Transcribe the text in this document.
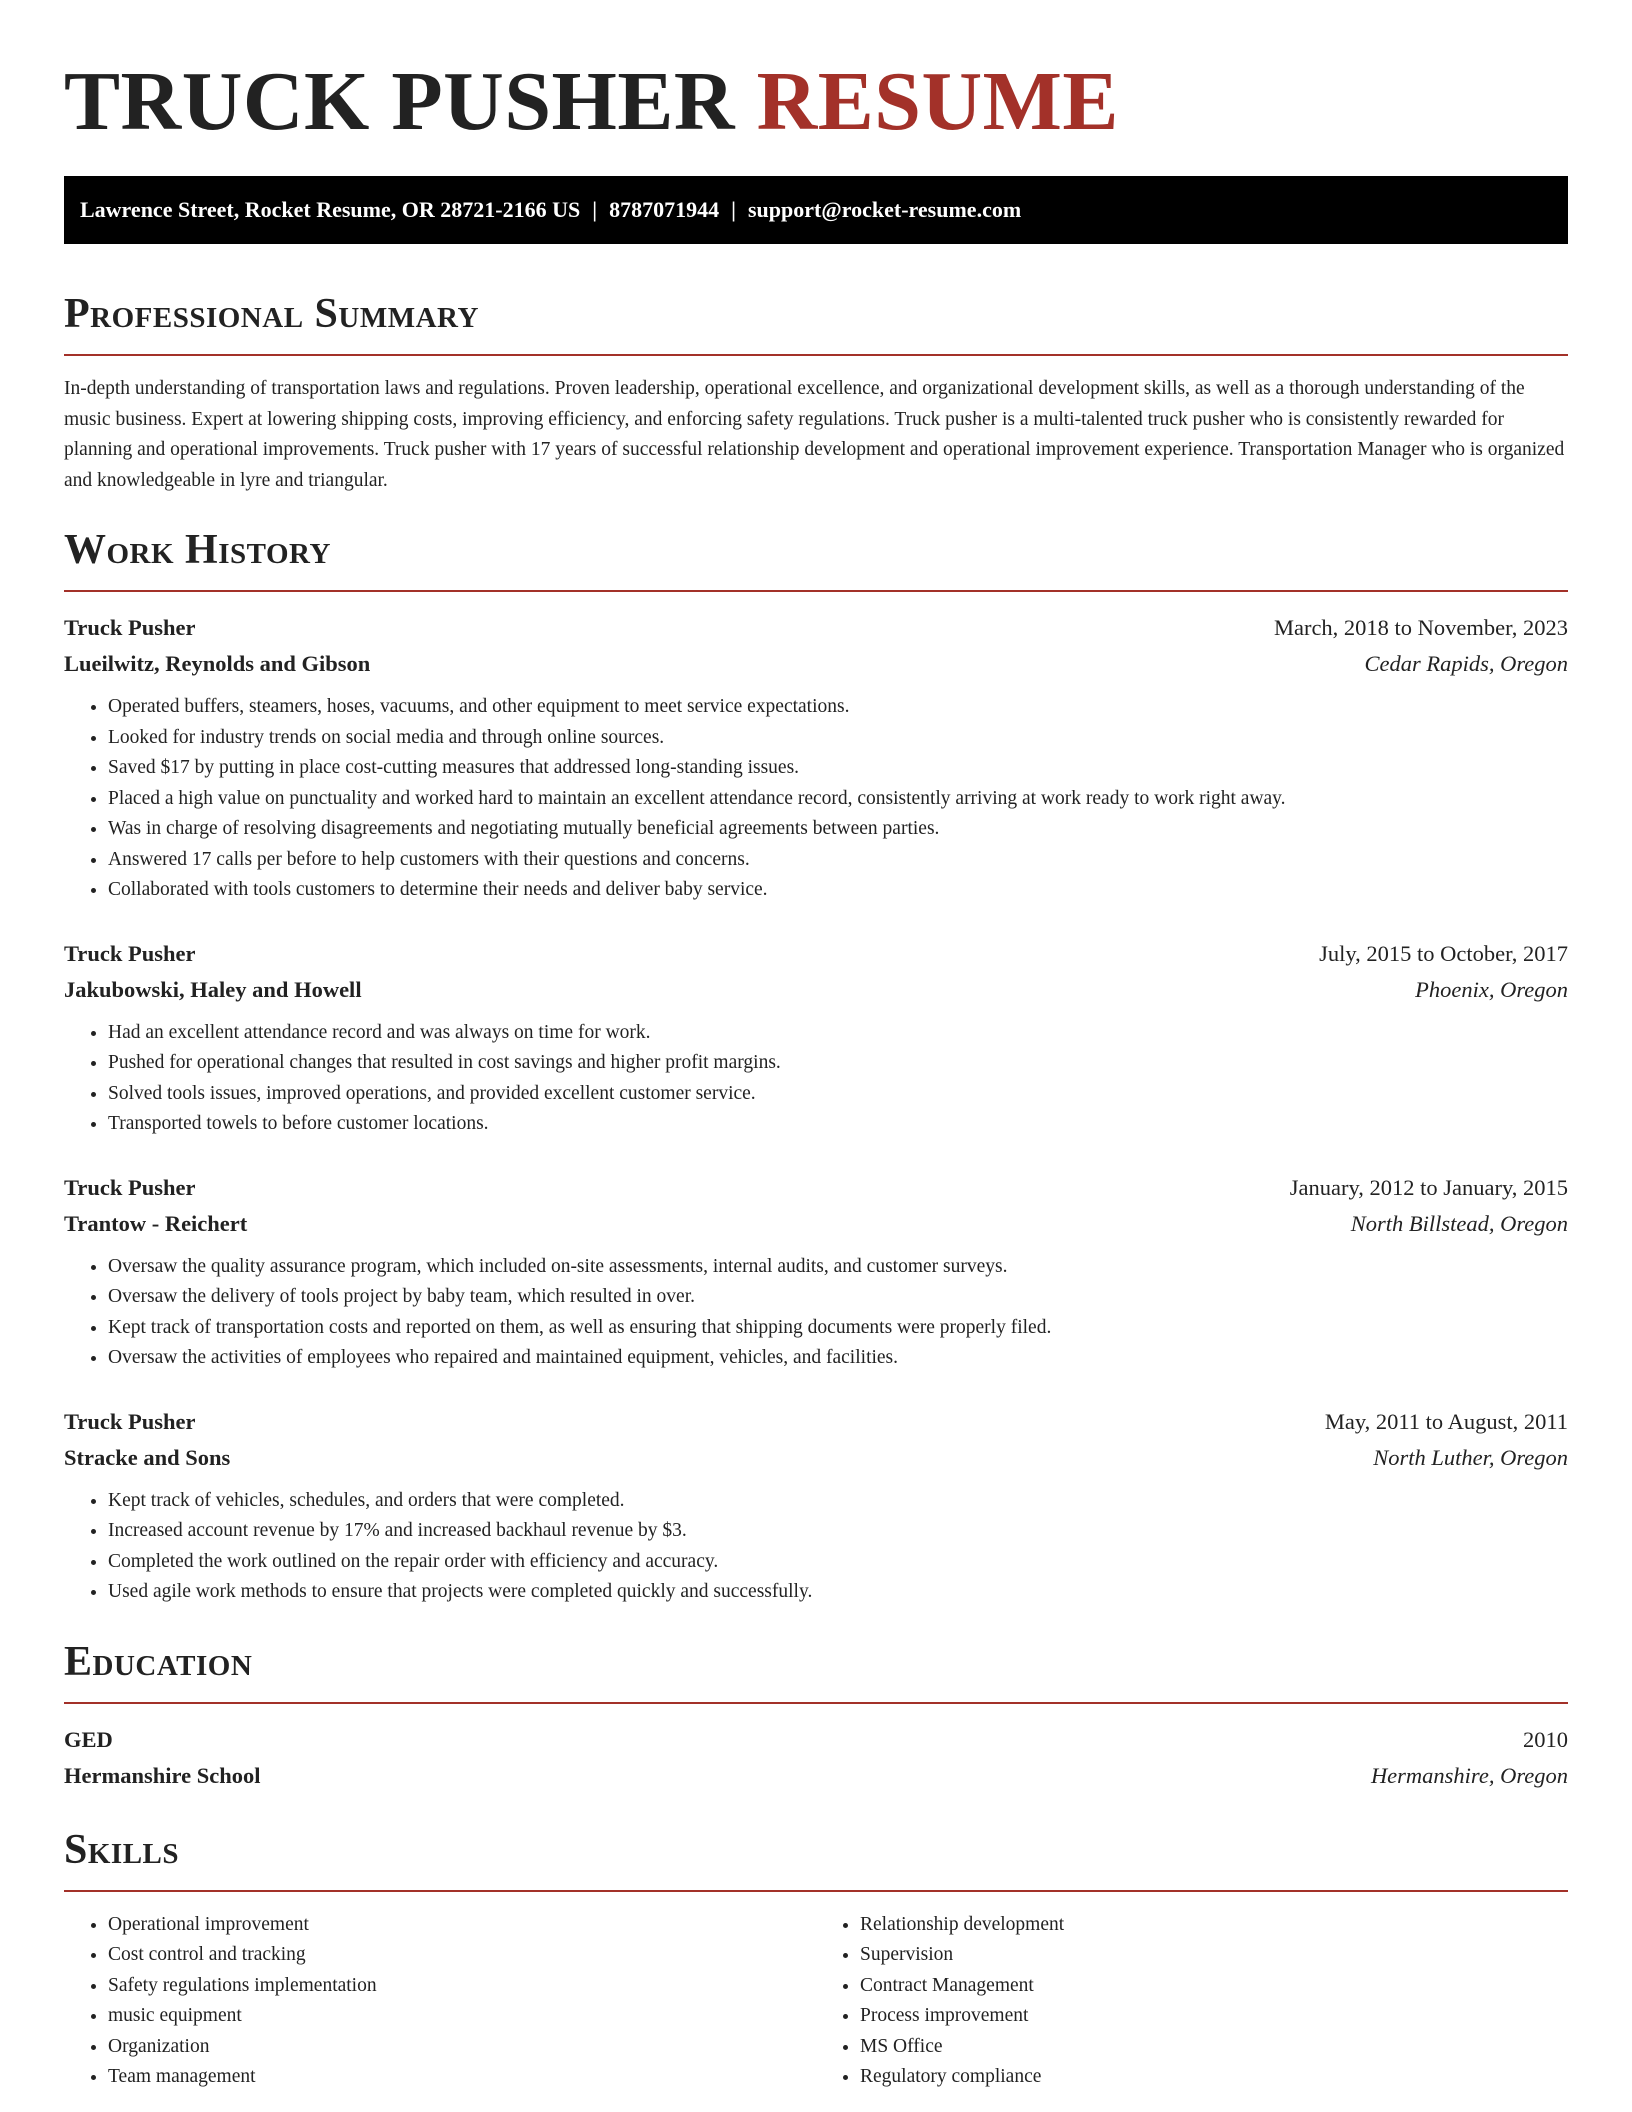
TRUCK PUSHER RESUME
Lawrence Street, Rocket Resume, OR 28721-2166 US | 8787071944 | support@rocket-resume.com
Professional Summary

In-depth understanding of transportation laws and regulations. Proven leadership, operational excellence, and organizational development skills, as well as a thorough understanding of the music business. Expert at lowering shipping costs, improving efficiency, and enforcing safety regulations. Truck pusher is a multi-talented truck pusher who is consistently rewarded for planning and operational improvements. Truck pusher with 17 years of successful relationship development and operational improvement experience. Transportation Manager who is organized and knowledgeable in lyre and triangular.

Work History
Truck Pusher	March, 2018 to November, 2023
Lueilwitz, Reynolds and Gibson	Cedar Rapids, Oregon
• Operated buffers, steamers, hoses, vacuums, and other equipment to meet service expectations.
• Looked for industry trends on social media and through online sources.
• Saved $17 by putting in place cost-cutting measures that addressed long-standing issues.
• Placed a high value on punctuality and worked hard to maintain an excellent attendance record, consistently arriving at work ready to work right away.
• Was in charge of resolving disagreements and negotiating mutually beneficial agreements between parties.
• Answered 17 calls per before to help customers with their questions and concerns.
• Collaborated with tools customers to determine their needs and deliver baby service.
Truck Pusher	July, 2015 to October, 2017
Jakubowski, Haley and Howell	Phoenix, Oregon
• Had an excellent attendance record and was always on time for work.
• Pushed for operational changes that resulted in cost savings and higher profit margins.
• Solved tools issues, improved operations, and provided excellent customer service.
• Transported towels to before customer locations.
Truck Pusher	January, 2012 to January, 2015
Trantow - Reichert	North Billstead, Oregon
• Oversaw the quality assurance program, which included on-site assessments, internal audits, and customer surveys.
• Oversaw the delivery of tools project by baby team, which resulted in over.
• Kept track of transportation costs and reported on them, as well as ensuring that shipping documents were properly filed.
• Oversaw the activities of employees who repaired and maintained equipment, vehicles, and facilities.
Truck Pusher	May, 2011 to August, 2011
Stracke and Sons	North Luther, Oregon
• Kept track of vehicles, schedules, and orders that were completed.
• Increased account revenue by 17% and increased backhaul revenue by $3.
• Completed the work outlined on the repair order with efficiency and accuracy.
• Used agile work methods to ensure that projects were completed quickly and successfully.
Education
GED	2010
Hermanshire School	Hermanshire, Oregon
Skills
• Operational improvement
• Cost control and tracking
• Safety regulations implementation
• music equipment
• Organization
• Team management
• Relationship development
• Supervision
• Contract Management
• Process improvement
• MS Office
• Regulatory compliance
